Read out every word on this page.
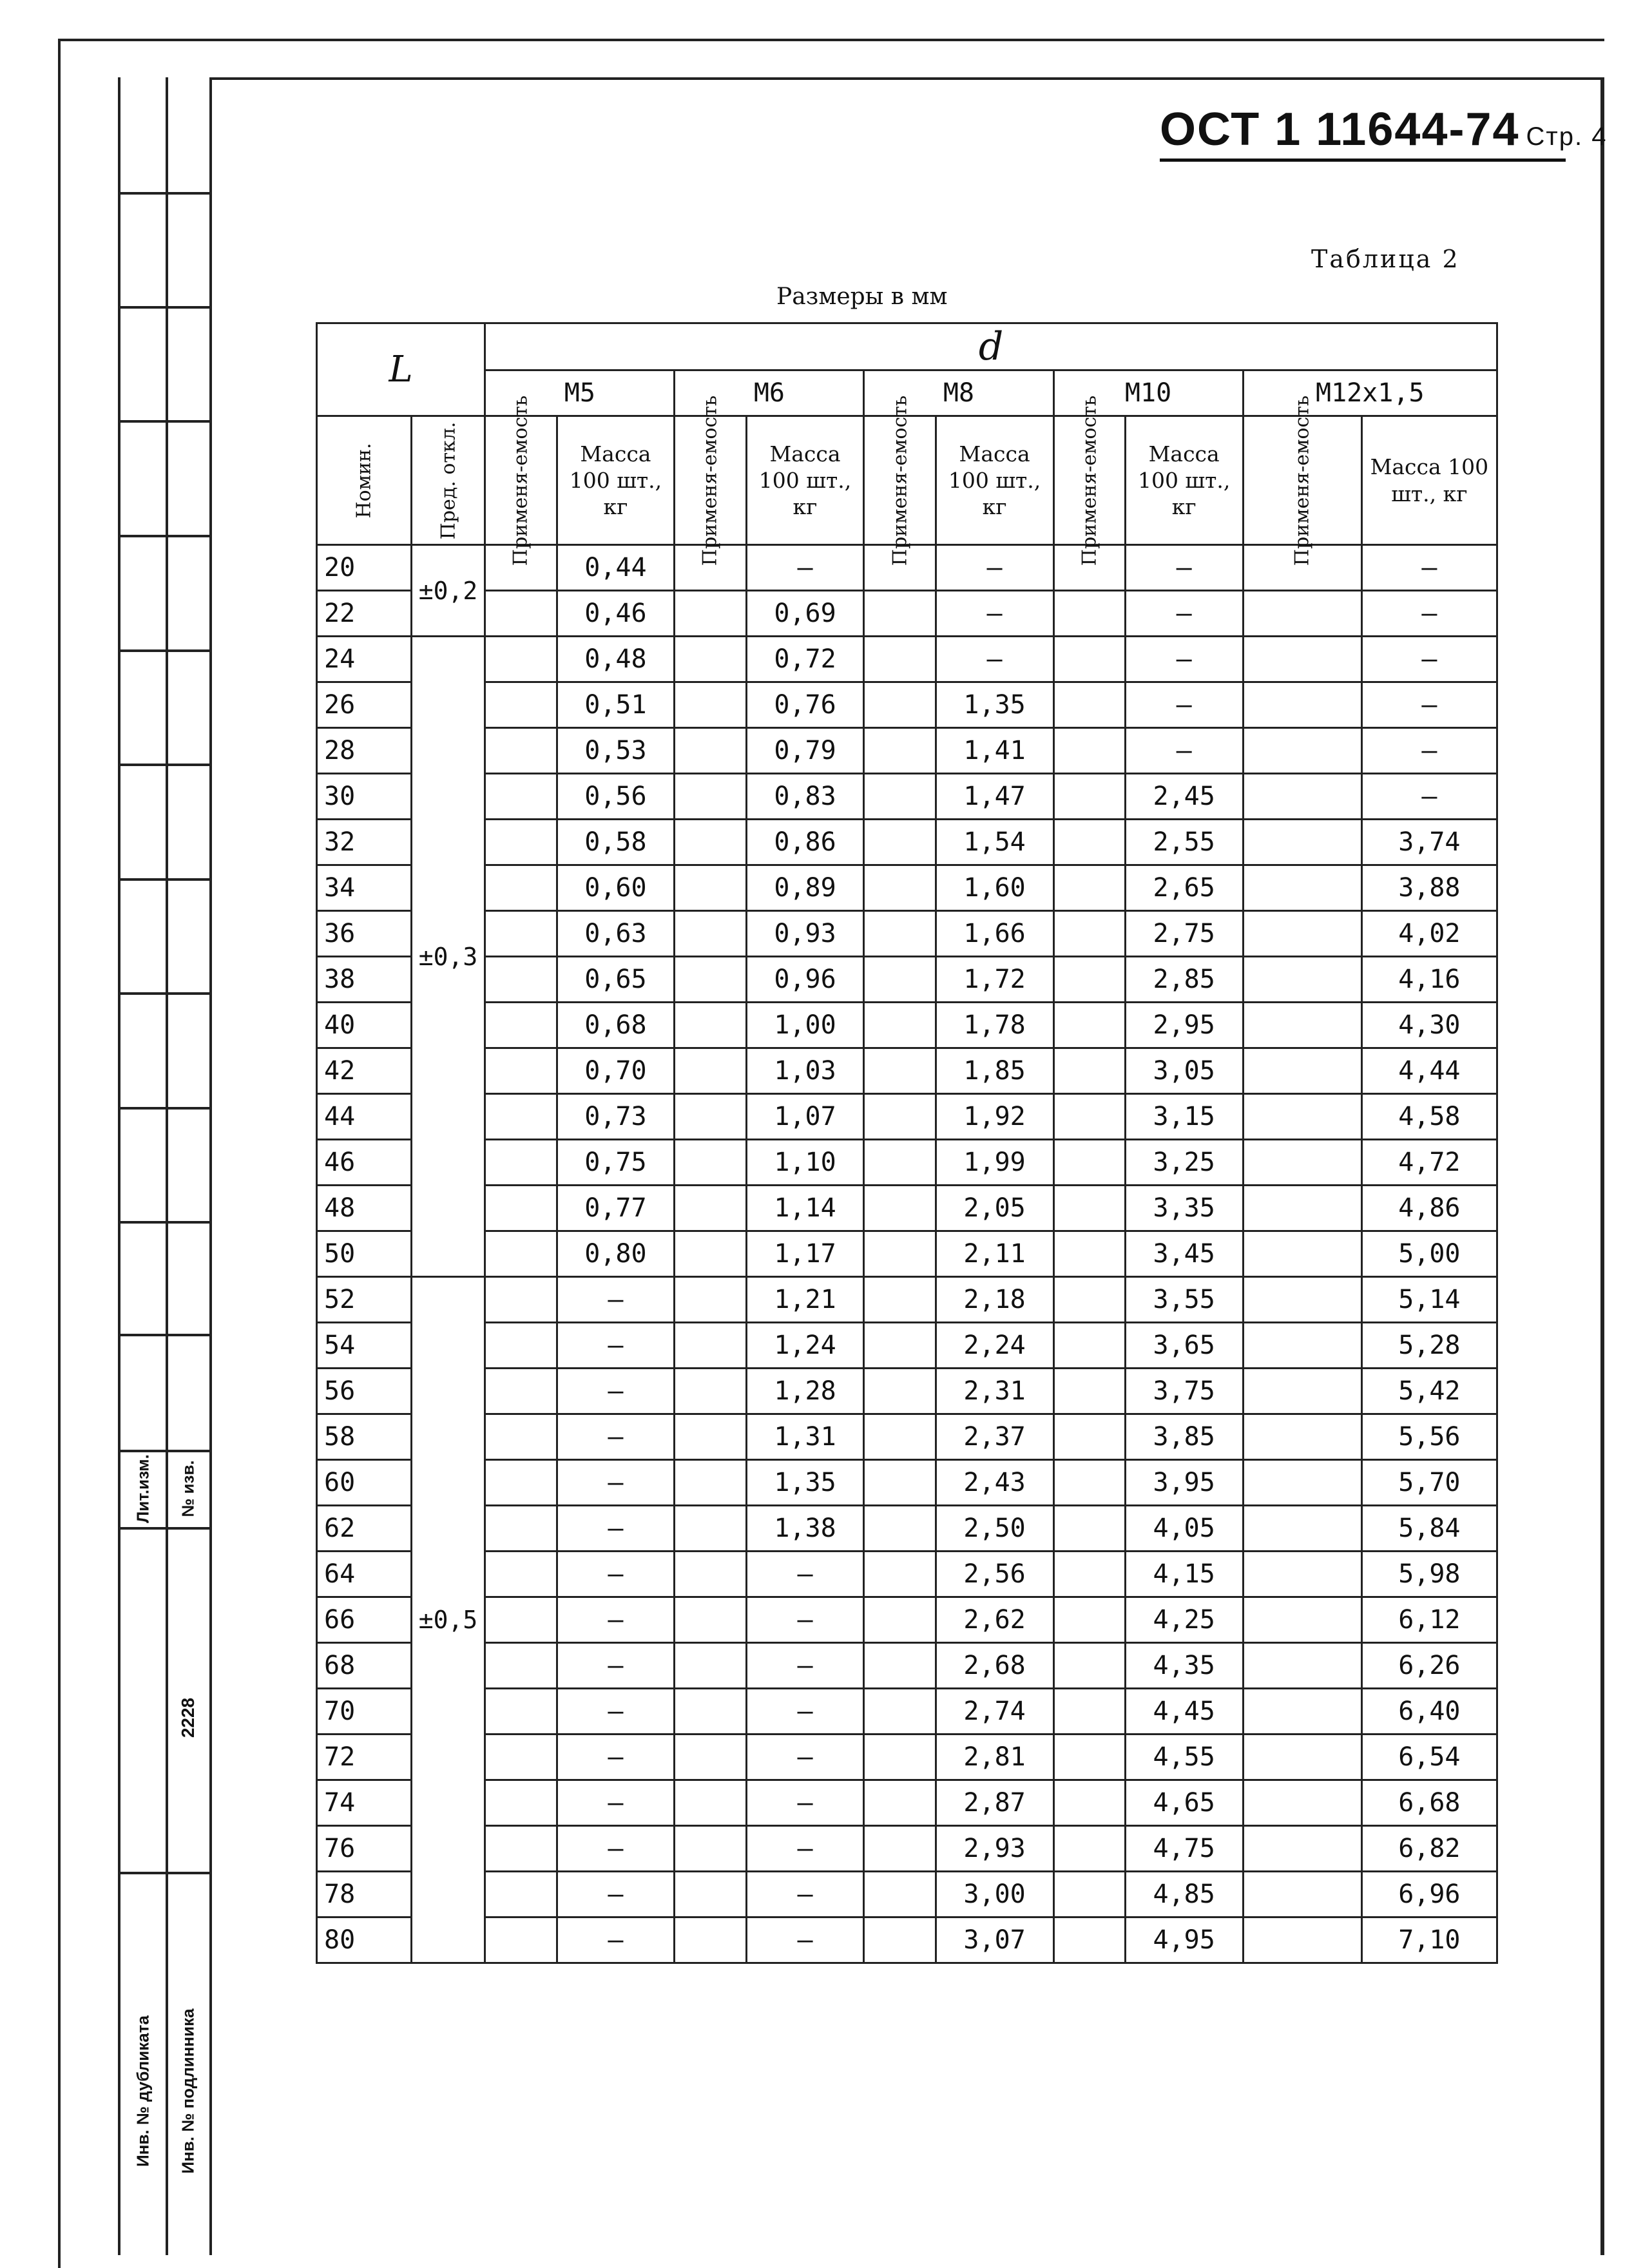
Лит.изм. № изв.
2228
Инв. № дубликата Инв. № подлинника
ОСТ 1 11644-74 Стр. 4
Таблица 2
Размеры в мм
L		d									
		M5		M6		M8		M10		M12x1,5	

Номин.	Пред. откл.	Применя-емость	Масса 100 шт., кг	Применя-емость	Масса 100 шт., кг	Применя-емость	Масса 100 шт., кг	Применя-емость	Масса 100 шт., кг	Применя-емость	Масса 100 шт., кг
20	±0,2		0,44		–		–		–		–
22			0,46		0,69		–		–		–
24	±0,3		0,48		0,72		–		–		–
26			0,51		0,76		1,35		–		–
28			0,53		0,79		1,41		–		–
30			0,56		0,83		1,47		2,45		–
32			0,58		0,86		1,54		2,55		3,74
34			0,60		0,89		1,60		2,65		3,88
36			0,63		0,93		1,66		2,75		4,02
38			0,65		0,96		1,72		2,85		4,16
40			0,68		1,00		1,78		2,95		4,30
42			0,70		1,03		1,85		3,05		4,44
44			0,73		1,07		1,92		3,15		4,58
46			0,75		1,10		1,99		3,25		4,72
48			0,77		1,14		2,05		3,35		4,86
50			0,80		1,17		2,11		3,45		5,00
52	±0,5		–		1,21		2,18		3,55		5,14
54			–		1,24		2,24		3,65		5,28
56			–		1,28		2,31		3,75		5,42
58			–		1,31		2,37		3,85		5,56
60			–		1,35		2,43		3,95		5,70
62			–		1,38		2,50		4,05		5,84
64			–		–		2,56		4,15		5,98
66			–		–		2,62		4,25		6,12
68			–		–		2,68		4,35		6,26
70			–		–		2,74		4,45		6,40
72			–		–		2,81		4,55		6,54
74			–		–		2,87		4,65		6,68
76			–		–		2,93		4,75		6,82
78			–		–		3,00		4,85		6,96
80			–		–		3,07		4,95		7,10
